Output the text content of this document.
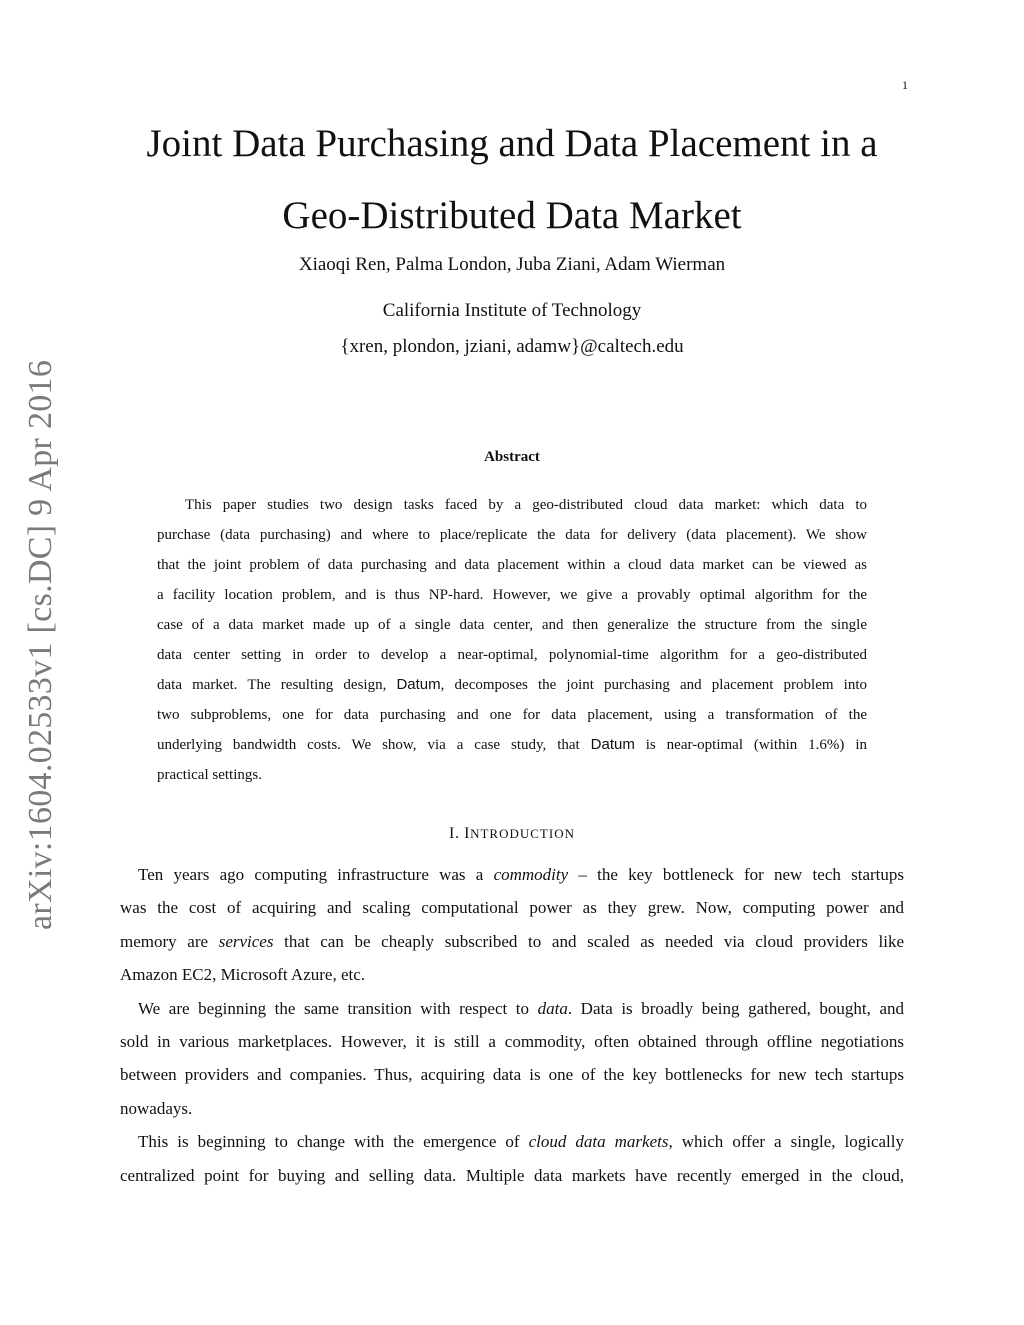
1
arXiv:1604.02533v1 [cs.DC] 9 Apr 2016
Joint Data Purchasing and Data Placement in a
Geo-Distributed Data Market
Xiaoqi Ren, Palma London, Juba Ziani, Adam Wierman
California Institute of Technology
{xren, plondon, jziani, adamw}@caltech.edu
Abstract
This paper studies two design tasks faced by a geo-distributed cloud data market: which data to
purchase (data purchasing) and where to place/replicate the data for delivery (data placement). We show
that the joint problem of data purchasing and data placement within a cloud data market can be viewed as
a facility location problem, and is thus NP-hard. However, we give a provably optimal algorithm for the
case of a data market made up of a single data center, and then generalize the structure from the single
data center setting in order to develop a near-optimal, polynomial-time algorithm for a geo-distributed
data market. The resulting design, Datum, decomposes the joint purchasing and placement problem into
two subproblems, one for data purchasing and one for data placement, using a transformation of the
underlying bandwidth costs. We show, via a case study, that Datum is near-optimal (within 1.6%) in
practical settings.
I. INTRODUCTION
Ten years ago computing infrastructure was a commodity – the key bottleneck for new tech startups
was the cost of acquiring and scaling computational power as they grew. Now, computing power and
memory are services that can be cheaply subscribed to and scaled as needed via cloud providers like
Amazon EC2, Microsoft Azure, etc.
We are beginning the same transition with respect to data. Data is broadly being gathered, bought, and
sold in various marketplaces. However, it is still a commodity, often obtained through offline negotiations
between providers and companies. Thus, acquiring data is one of the key bottlenecks for new tech startups
nowadays.
This is beginning to change with the emergence of cloud data markets, which offer a single, logically
centralized point for buying and selling data. Multiple data markets have recently emerged in the cloud,
